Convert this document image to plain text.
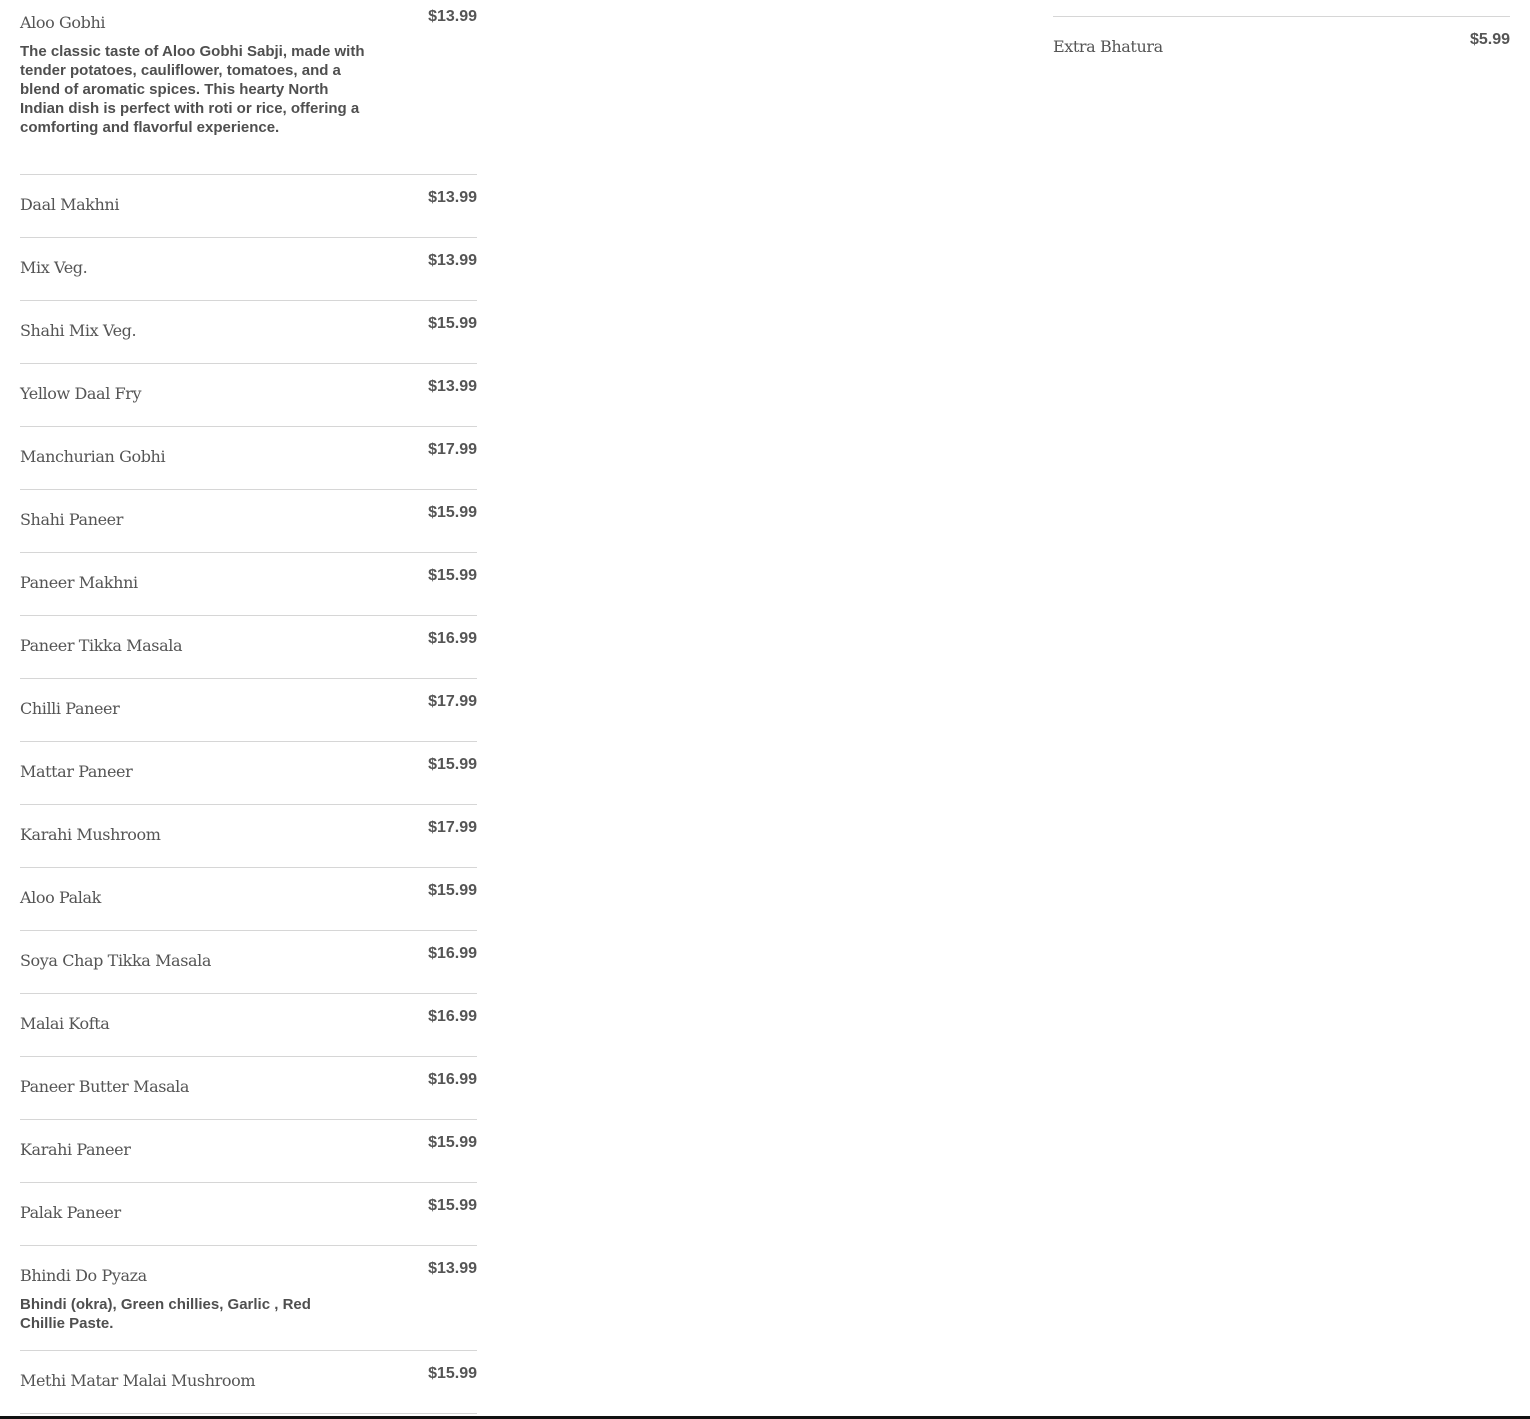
Aloo Gobhi	$13.99
The classic taste of Aloo Gobhi Sabji, made with tender potatoes, cauliflower, tomatoes, and a blend of aromatic spices. This hearty North Indian dish is perfect with roti or rice, offering a comforting and flavorful experience.
Daal Makhni	$13.99
Mix Veg.	$13.99
Shahi Mix Veg.	$15.99
Yellow Daal Fry	$13.99
Manchurian Gobhi	$17.99
Shahi Paneer	$15.99
Paneer Makhni	$15.99
Paneer Tikka Masala	$16.99
Chilli Paneer	$17.99
Mattar Paneer	$15.99
Karahi Mushroom	$17.99
Aloo Palak	$15.99
Soya Chap Tikka Masala	$16.99
Malai Kofta	$16.99
Paneer Butter Masala	$16.99
Karahi Paneer	$15.99
Palak Paneer	$15.99
Bhindi Do Pyaza	$13.99
Bhindi (okra), Green chillies, Garlic , Red Chillie Paste.
Methi Matar Malai Mushroom	$15.99
Extra Bhatura	$5.99
